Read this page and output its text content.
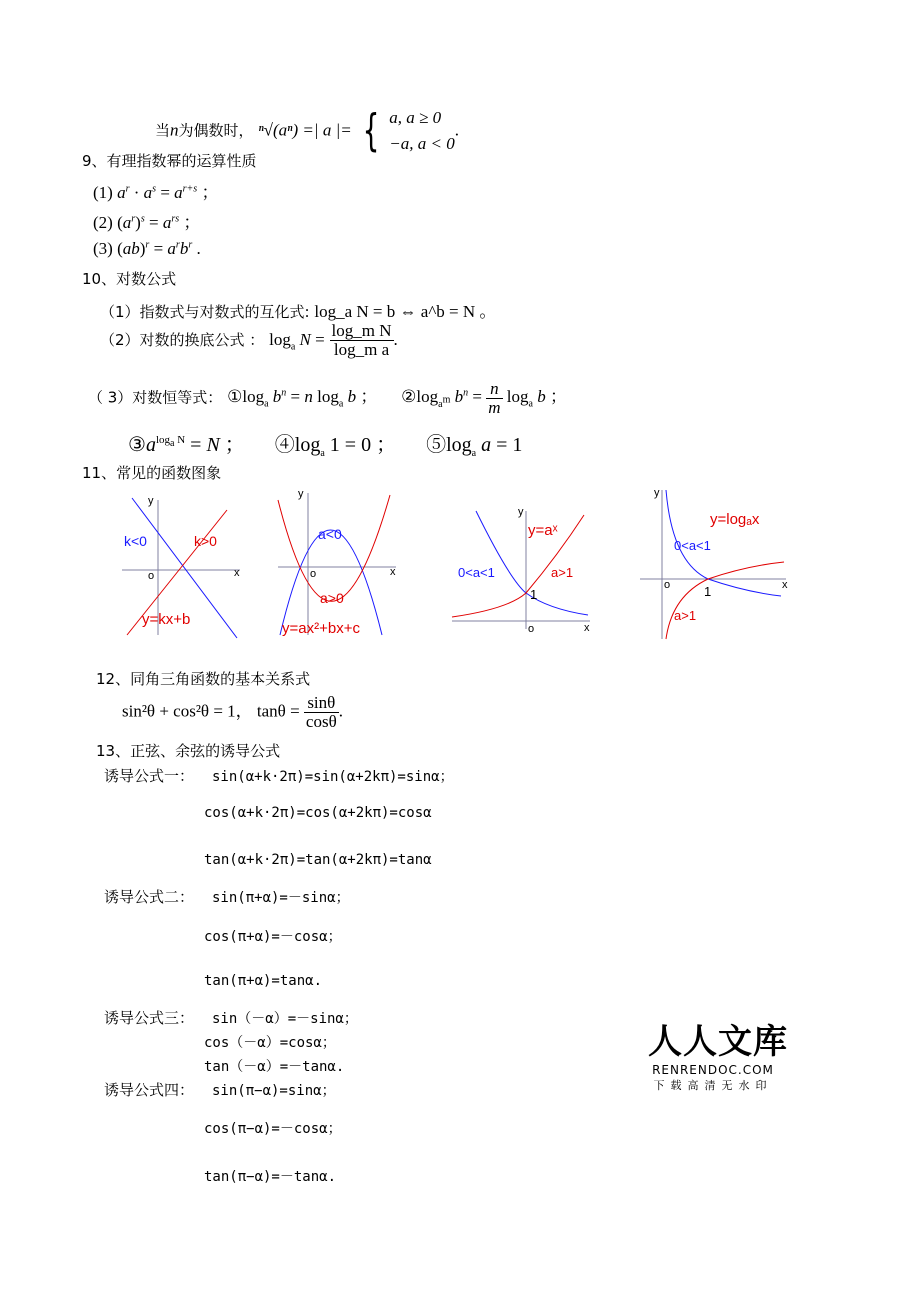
当n为偶数时， ⁿ√(aⁿ) =| a |= { a, a ≥ 0
−a, a < 0
.
9、有理指数幂的运算性质
(1) $a^r \cdot a^s = a^{r+s}$ ；
(2) $(a^r)^s = a^{rs}$ ；
(3) $(ab)^r = a^rb^r$ .
10、对数公式
（1）指数式与对数式的互化式: log_a N = b ⇔ a^b = N 。
（2）对数的换底公式 ： $\log_a N = \frac{\text{log\_m N}}{\text{log\_m a}}$ .
（ 3）对数恒等式： $①\log_a$ $b^n = n$ $\log_a b$ ； $②\log_{a^m}$ $b^n = \frac{n}{m} \log_a b$ ；
$③a^{log_a N} = N$ ； $④\log_a$ 1 = 0 ； $⑤\log_a$ a = 1
11、常见的函数图象
y
x
o
k<0	k>0
y=kx+b
y
x
o
a<0
a>0
y=ax²+bx+c
y
x
o
1
y=aˣ
0<a<1	a>1
y
x
o	1
y=logₐx
0<a<1
a>1
12、同角三角函数的基本关系式
sin²θ + cos²θ = 1， $\tan\theta = \frac{\sin\theta}{\cos\theta}$ .
13、正弦、余弦的诱导公式
诱导公式一： sin(α+k·2π)=sin(α+2kπ)=sinα；
cos(α+k·2π)=cos(α+2kπ)=cosα
tan(α+k·2π)=tan(α+2kπ)=tanα
诱导公式二： sin(π+α)=－sinα；
cos(π+α)=－cosα；
tan(π+α)=tanα.
诱导公式三： sin（－α）=－sinα；
cos（－α）=cosα；
tan（－α）=－tanα.
诱导公式四： sin(π−α)=sinα；
cos(π−α)=－cosα；
tan(π−α)=－tanα.
人人文库
RENRENDOC.COM
下载高清无水印
